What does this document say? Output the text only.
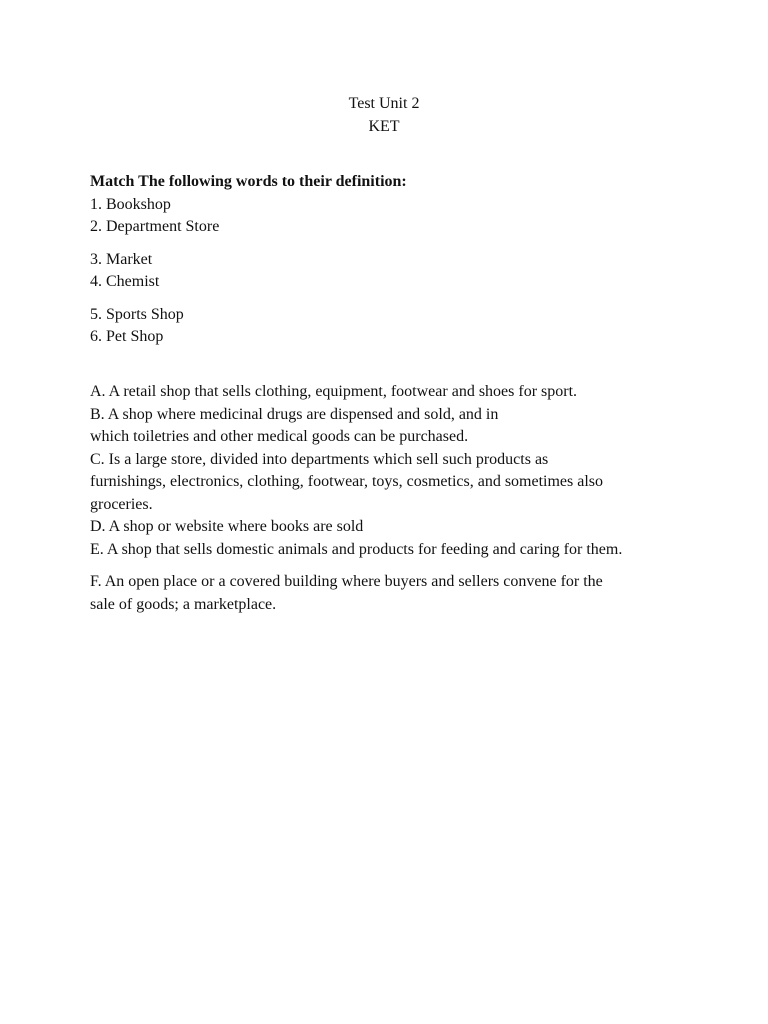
Test Unit 2
KET
Match The following words to their definition:
1. Bookshop
2. Department Store
3. Market
4. Chemist
5. Sports Shop
6. Pet Shop
A. A retail shop that sells clothing, equipment, footwear and shoes for sport.
B. A shop where medicinal drugs are dispensed and sold, and in
which toiletries and other medical goods can be purchased.
C. Is a large store, divided into departments which sell such products as
furnishings, electronics, clothing, footwear, toys, cosmetics, and sometimes also
groceries.
D. A shop or website where books are sold
E. A shop that sells domestic animals and products for feeding and caring for them.
F. An open place or a covered building where buyers and sellers convene for the
sale of goods; a marketplace.
